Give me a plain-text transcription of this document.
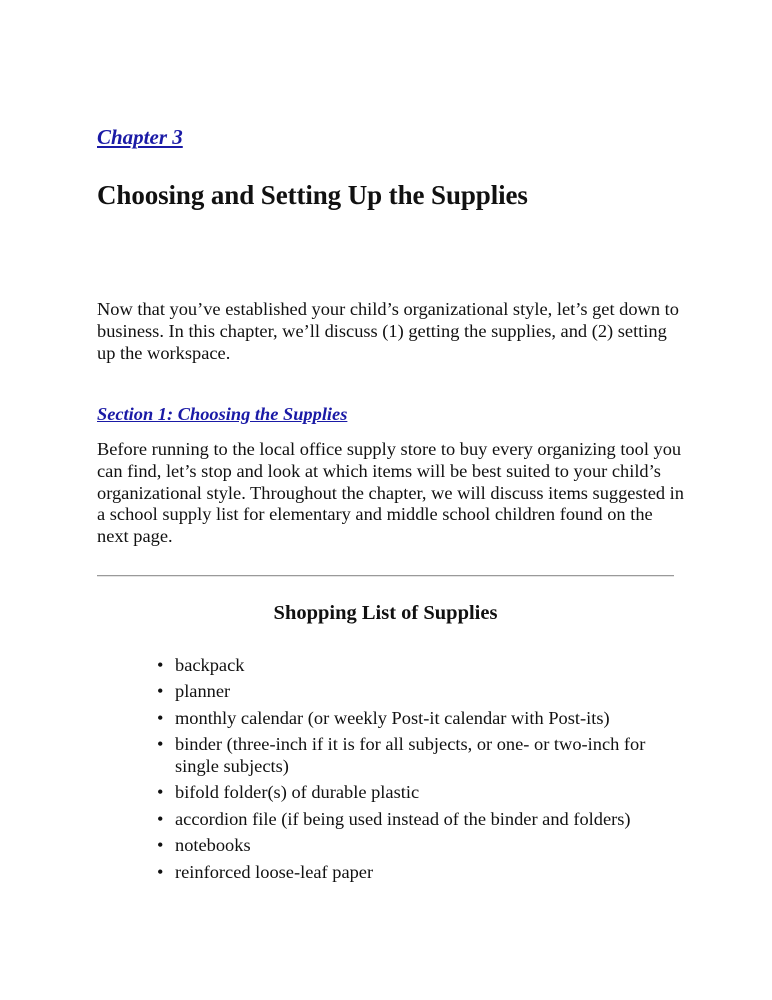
Chapter 3
Choosing and Setting Up the Supplies

Now that you’ve established your child’s organizational style, let’s get down to business. In this chapter, we’ll discuss (1) getting the supplies, and (2) setting up the workspace.

Section 1: Choosing the Supplies

Before running to the local office supply store to buy every organizing tool you can find, let’s stop and look at which items will be best suited to your child’s organizational style. Throughout the chapter, we will discuss items suggested in a school supply list for elementary and middle school children found on the next page.

Shopping List of Supplies
• backpack
• planner
• monthly calendar (or weekly Post-it calendar with Post-its)
• binder (three-inch if it is for all subjects, or one- or two-inch for single subjects)
• bifold folder(s) of durable plastic
• accordion file (if being used instead of the binder and folders)
• notebooks
• reinforced loose-leaf paper
